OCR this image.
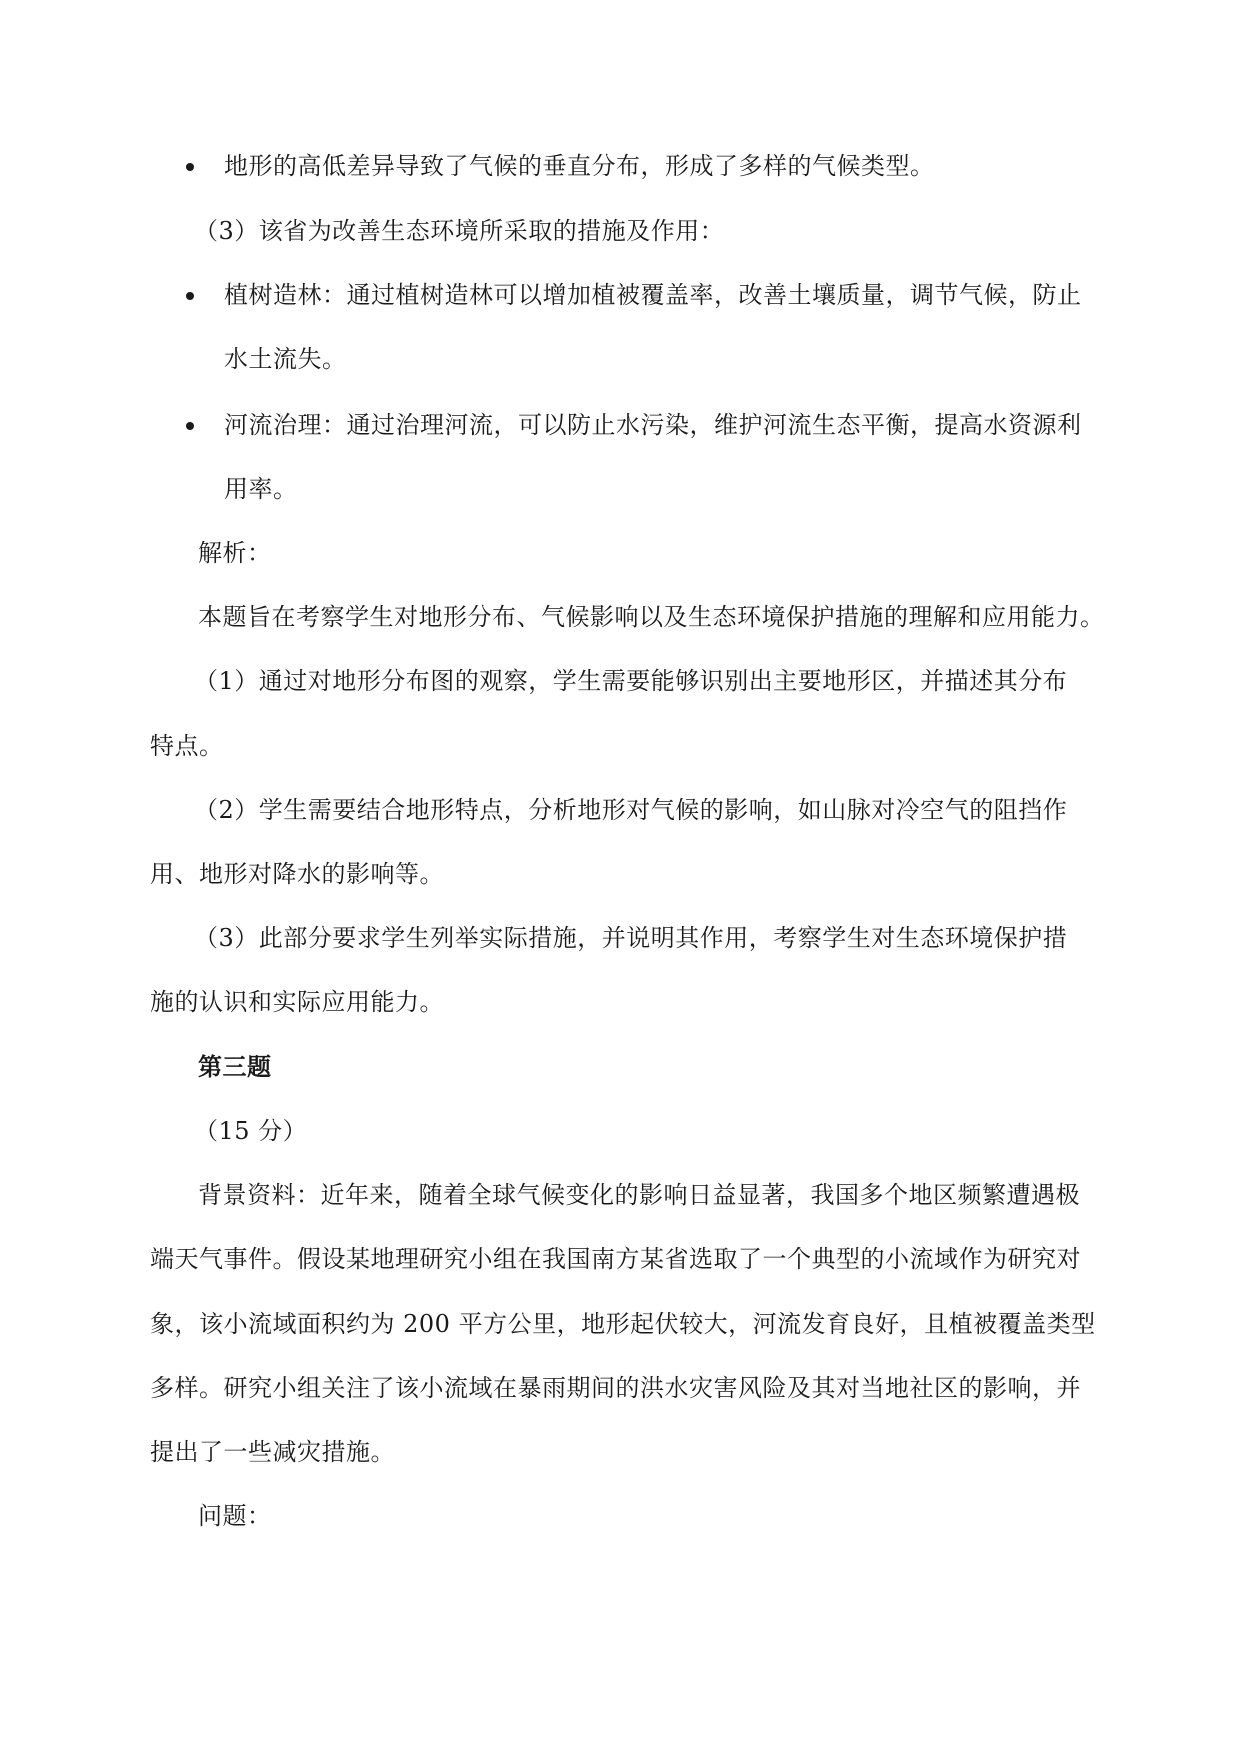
地形的高低差异导致了气候的垂直分布，形成了多样的气候类型。
（3）该省为改善生态环境所采取的措施及作用：
植树造林：通过植树造林可以增加植被覆盖率，改善土壤质量，调节气候，防止
水土流失。
河流治理：通过治理河流，可以防止水污染，维护河流生态平衡，提高水资源利
用率。
解析：
本题旨在考察学生对地形分布、气候影响以及生态环境保护措施的理解和应用能力。
（1）通过对地形分布图的观察，学生需要能够识别出主要地形区，并描述其分布
特点。
（2）学生需要结合地形特点，分析地形对气候的影响，如山脉对冷空气的阻挡作
用、地形对降水的影响等。
（3）此部分要求学生列举实际措施，并说明其作用，考察学生对生态环境保护措
施的认识和实际应用能力。
第三题
（15 分）
背景资料：近年来，随着全球气候变化的影响日益显著，我国多个地区频繁遭遇极
端天气事件。假设某地理研究小组在我国南方某省选取了一个典型的小流域作为研究对
象，该小流域面积约为 200 平方公里，地形起伏较大，河流发育良好，且植被覆盖类型
多样。研究小组关注了该小流域在暴雨期间的洪水灾害风险及其对当地社区的影响，并
提出了一些减灾措施。
问题：
